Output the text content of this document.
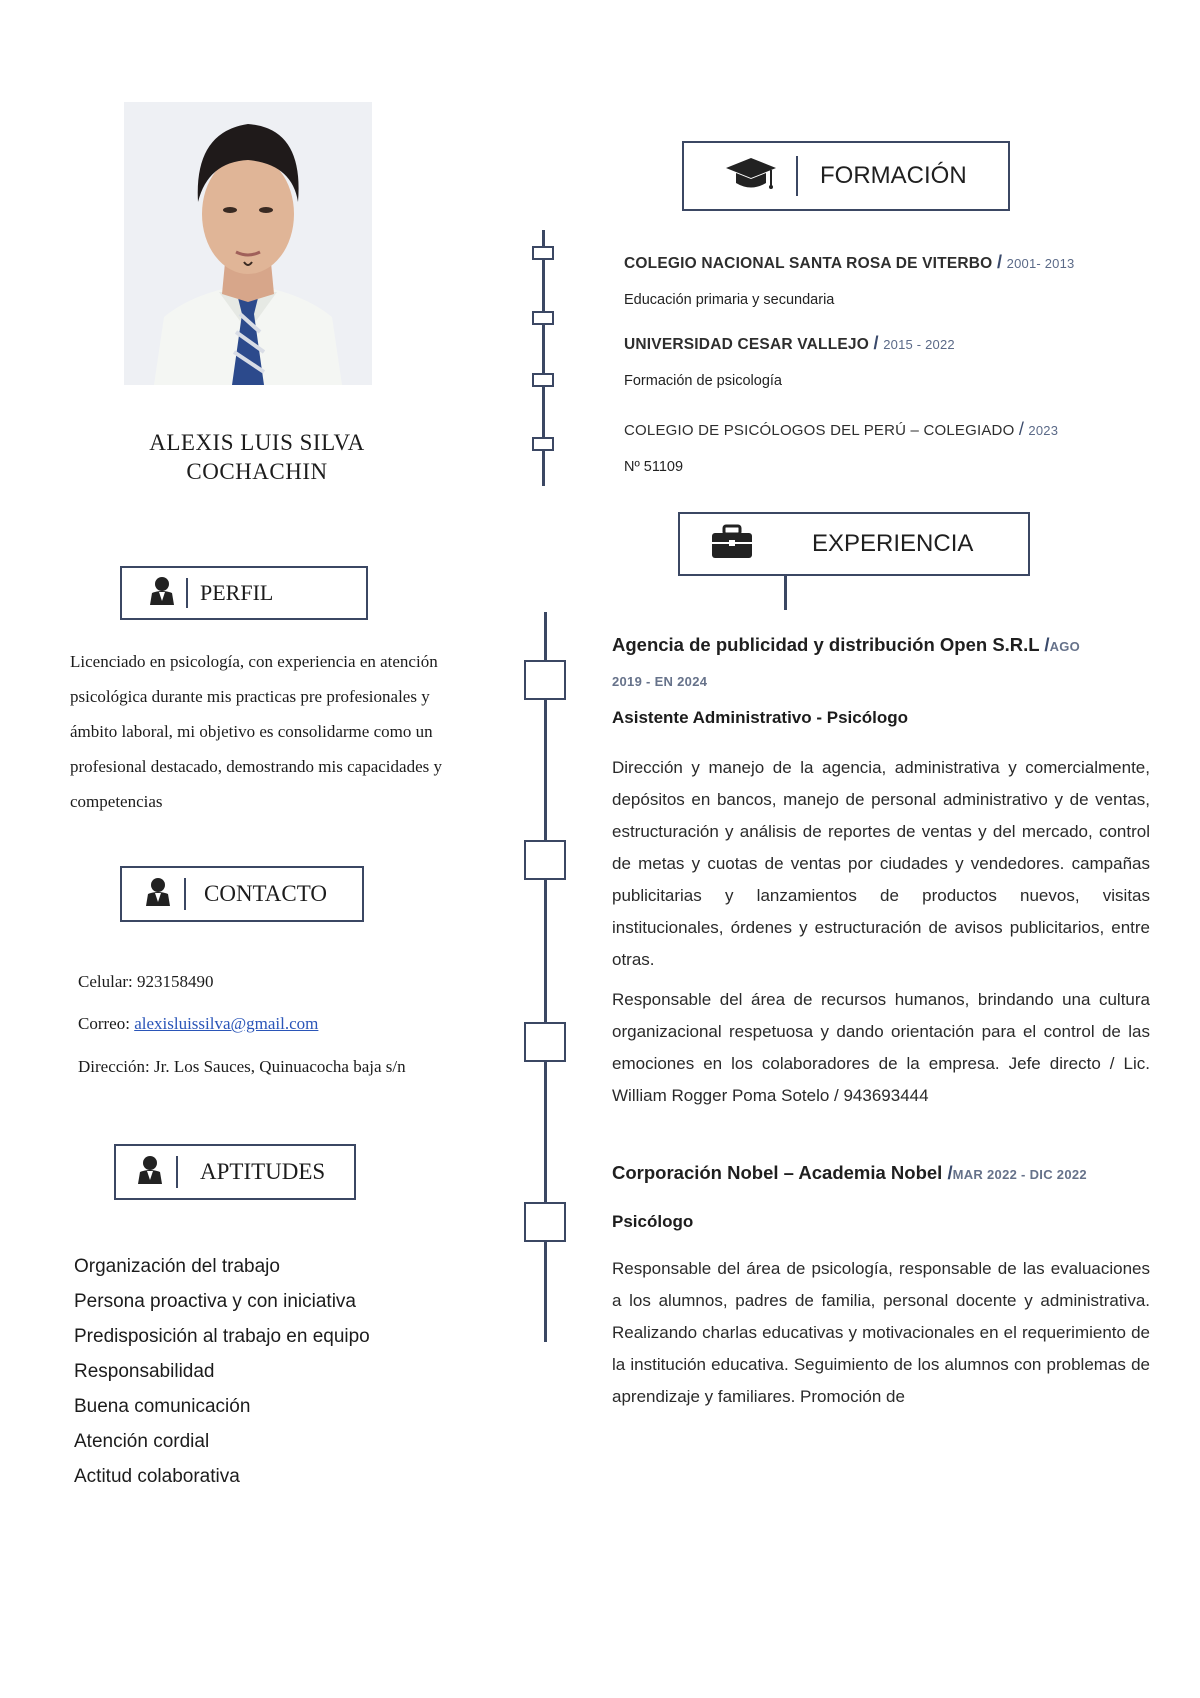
ALEXIS LUIS SILVA
COCHACHIN
PERFIL
Licenciado en psicología, con experiencia en atención psicológica durante mis practicas pre profesionales y ámbito laboral, mi objetivo es consolidarme como un profesional destacado, demostrando mis capacidades y competencias
CONTACTO
Celular: 923158490
Correo: alexisluissilva@gmail.com
Dirección: Jr. Los Sauces, Quinuacocha baja s/n
APTITUDES
Organización del trabajo
Persona proactiva y con iniciativa
Predisposición al trabajo en equipo
Responsabilidad
Buena comunicación
Atención cordial
Actitud colaborativa
FORMACIÓN
COLEGIO NACIONAL SANTA ROSA DE VITERBO / 2001- 2013
Educación primaria y secundaria
UNIVERSIDAD CESAR VALLEJO / 2015 - 2022
Formación de psicología
COLEGIO DE PSICÓLOGOS DEL PERÚ – COLEGIADO / 2023
Nº 51109
EXPERIENCIA
Agencia de publicidad y distribución Open S.R.L /AGO
2019 - EN 2024
Asistente Administrativo - Psicólogo

Dirección y manejo de la agencia, administrativa y comercialmente, depósitos en bancos, manejo de personal administrativo y de ventas, estructuración y análisis de reportes de ventas y del mercado, control de metas y cuotas de ventas por ciudades y vendedores. campañas publicitarias y lanzamientos de productos nuevos, visitas institucionales, órdenes y estructuración de avisos publicitarios, entre otras.

Responsable del área de recursos humanos, brindando una cultura organizacional respetuosa y dando orientación para el control de las emociones en los colaboradores de la empresa. Jefe directo / Lic. William Rogger Poma Sotelo / 943693444

Corporación Nobel – Academia Nobel /MAR 2022 - DIC 2022
Psicólogo

Responsable del área de psicología, responsable de las evaluaciones a los alumnos, padres de familia, personal docente y administrativa. Realizando charlas educativas y motivacionales en el requerimiento de la institución educativa. Seguimiento de los alumnos con problemas de aprendizaje y familiares. Promoción de
